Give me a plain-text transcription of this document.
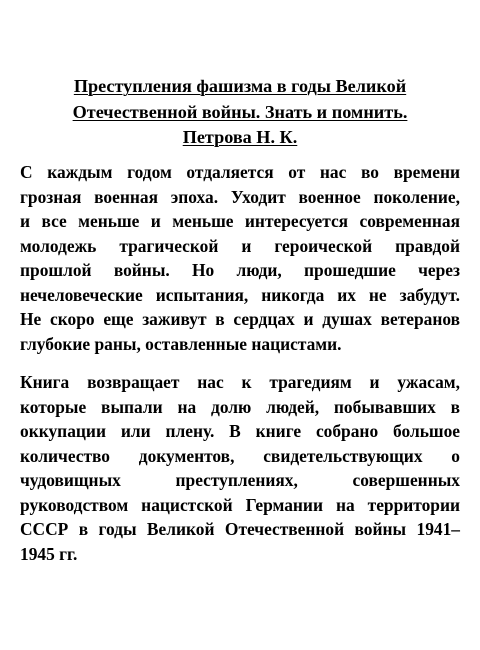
Преступления фашизма в годы Великой
Отечественной войны. Знать и помнить.
Петрова Н. К.

С каждым годом отдаляется от нас во времени
грозная военная эпоха. Уходит военное поколение,
и все меньше и меньше интересуется современная
молодежь трагической и героической правдой
прошлой войны. Но люди, прошедшие через
нечеловеческие испытания, никогда их не забудут.
Не скоро еще заживут в сердцах и душах ветеранов
глубокие раны, оставленные нацистами.

Книга возвращает нас к трагедиям и ужасам,
которые выпали на долю людей, побывавших в
оккупации или плену. В книге собрано большое
количество документов, свидетельствующих о
чудовищных преступлениях, совершенных
руководством нацистской Германии на территории
СССР в годы Великой Отечественной войны 1941–
1945 гг.
